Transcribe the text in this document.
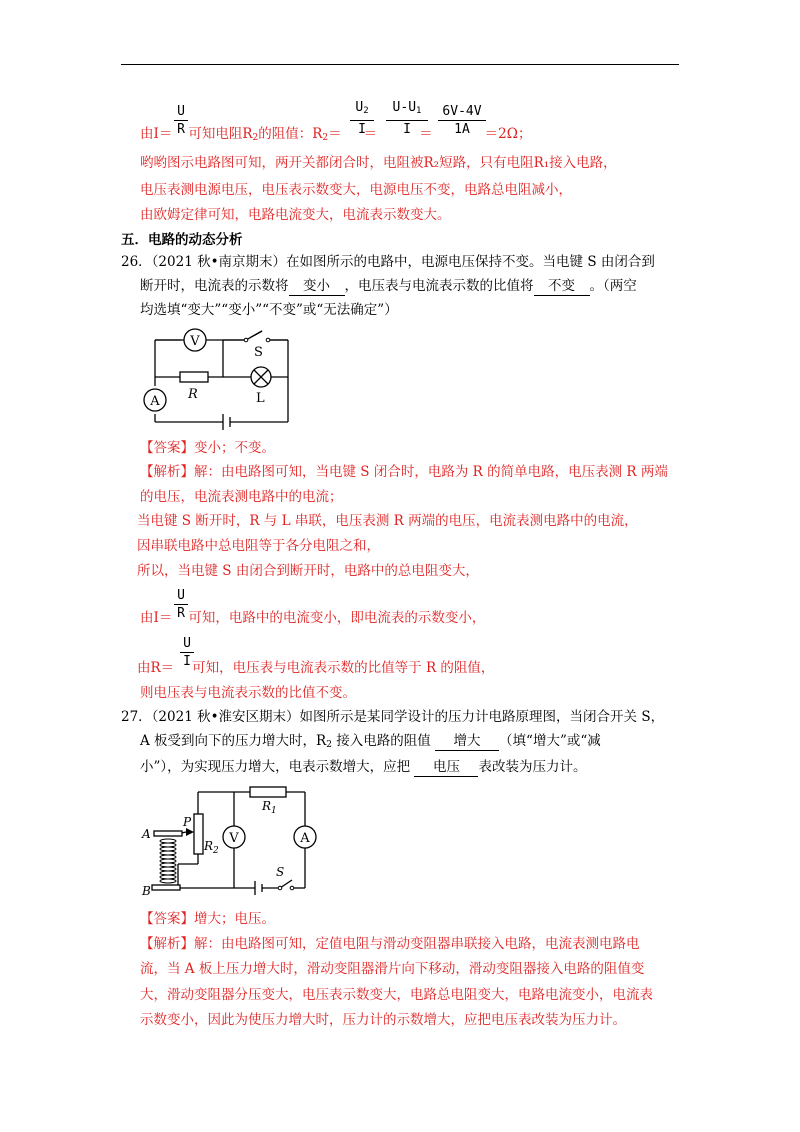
U
R
$U_2$
I
$U-U_1$
I
6V-4V
1A
由I＝ 可知电阻$R_2$的阻值：$R_2=$ ＝	＝	＝2Ω；
哟哟图示电路图可知，两开关都闭合时，电阻被R₂短路，只有电阻R₁接入电路，
电压表测电源电压，电压表示数变大，电源电压不变，电路总电阻减小，
由欧姆定律可知，电路电流变大，电流表示数变大。
五．电路的动态分析
26．（2021 秋•南京期末）在如图所示的电路中，电源电压保持不变。当电键 S 由闭合到
断开时，电流表的示数将 变小 ，电压表与电流表示数的比值将 不变 。（两空
均选填“变大”“变小”“不变”或“无法确定”）
V
A
S
R	L
【答案】变小；不变。
【解析】解：由电路图可知，当电键 S 闭合时，电路为 R 的简单电路，电压表测 R 两端
的电压，电流表测电路中的电流；
当电键 S 断开时，R 与 L 串联，电压表测 R 两端的电压，电流表测电路中的电流，
因串联电路中总电阻等于各分电阻之和，
所以，当电键 S 由闭合到断开时，电路中的总电阻变大，
U
R
由I＝ 可知，电路中的电流变小，即电流表的示数变小，
U
I
由R＝ 可知，电压表与电流表示数的比值等于 R 的阻值，
则电压表与电流表示数的比值不变。
27．（2021 秋•淮安区期末）如图所示是某同学设计的压力计电路原理图，当闭合开关 S，
A 板受到向下的压力增大时，$R_2$ 接入电路的阻值 增大 （填“增大”或“减
小”），为实现压力增大，电表示数增大，应把 电压 表改装为压力计。
V	A
A
B
P
$R_2$
$R_1$
S
【答案】增大；电压。
【解析】解：由电路图可知，定值电阻与滑动变阻器串联接入电路，电流表测电路电
流，当 A 板上压力增大时，滑动变阻器滑片向下移动，滑动变阻器接入电路的阻值变
大，滑动变阻器分压变大，电压表示数变大，电路总电阻变大，电路电流变小，电流表
示数变小，因此为使压力增大时，压力计的示数增大，应把电压表改装为压力计。
